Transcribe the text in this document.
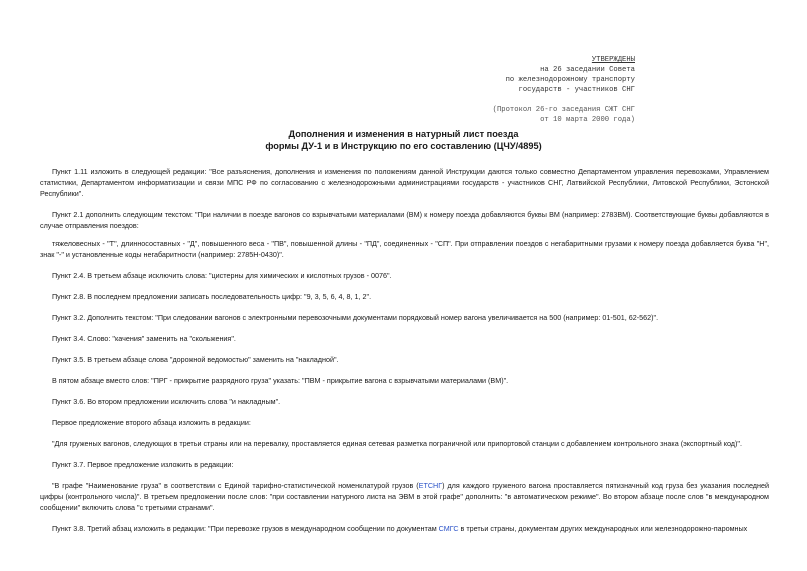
УТВЕРЖДЕНЫ
на 26 заседании Совета
по железнодорожному транспорту
государств - участников СНГ
(Протокол 26-го заседания СЖТ СНГ
от 10 марта 2000 года)
Дополнения и изменения в натурный лист поезда
формы ДУ-1 и в Инструкцию по его составлению (ЦЧУ/4895)

Пункт 1.11 изложить в следующей редакции: "Все разъяснения, дополнения и изменения по положениям данной Инструкции даются только совместно Департаментом управления перевозками, Управлением статистики, Департаментом информатизации и связи МПС РФ по согласованию с железнодорожными администрациями государств - участников СНГ, Латвийской Республики, Литовской Республики, Эстонской Республики".

Пункт 2.1 дополнить следующим текстом: "При наличии в поезде вагонов со взрывчатыми материалами (ВМ) к номеру поезда добавляются буквы ВМ (например: 2783ВМ). Соответствующие буквы добавляются в случае отправления поездов:

тяжеловесных - "Т", длинносоставных - "Д", повышенного веса - "ПВ", повышенной длины - "ПД", соединенных - "СП". При отправлении поездов с негабаритными грузами к номеру поезда добавляется буква "Н", знак "-" и установленные коды негабаритности (например: 2785Н-0430)".

Пункт 2.4. В третьем абзаце исключить слова: "цистерны для химических и кислотных грузов - 0076".

Пункт 2.8. В последнем предложении записать последовательность цифр: "9, 3, 5, 6, 4, 8, 1, 2".

Пункт 3.2. Дополнить текстом: "При следовании вагонов с электронными перевозочными документами порядковый номер вагона увеличивается на 500 (например: 01-501, 62-562)".

Пункт 3.4. Слово: "качения" заменить на "скольжения".

Пункт 3.5. В третьем абзаце слова "дорожной ведомостью" заменить на "накладной".

В пятом абзаце вместо слов: "ПРГ - прикрытие разрядного груза" указать: "ПВМ - прикрытие вагона с взрывчатыми материалами (ВМ)".

Пункт 3.6. Во втором предложении исключить слова "и накладным".

Первое предложение второго абзаца изложить в редакции:

"Для груженых вагонов, следующих в третьи страны или на перевалку, проставляется единая сетевая разметка пограничной или припортовой станции с добавлением контрольного знака (экспортный код)".

Пункт 3.7. Первое предложение изложить в редакции:

"В графе "Наименование груза" в соответствии с Единой тарифно-статистической номенклатурой грузов (ЕТСНГ) для каждого груженого вагона проставляется пятизначный код груза без указания последней цифры (контрольного числа)". В третьем предложении после слов: "при составлении натурного листа на ЭВМ в этой графе" дополнить: "в автоматическом режиме". Во втором абзаце после слов "в международном сообщении" включить слова "с третьими странами".

Пункт 3.8. Третий абзац изложить в редакции: "При перевозке грузов в международном сообщении по документам СМГС в третьи страны, документам других международных или железнодорожно-паромных
